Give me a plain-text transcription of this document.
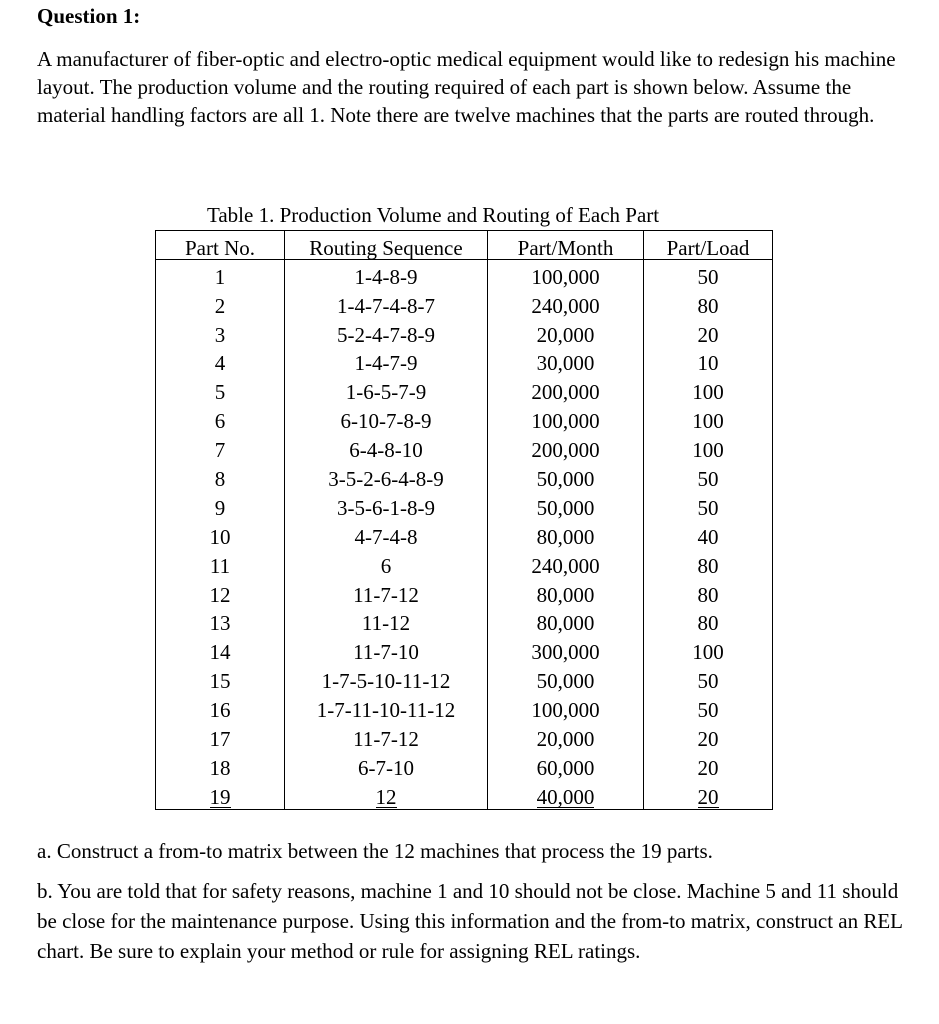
Question 1:

A manufacturer of fiber-optic and electro-optic medical equipment would like to redesign his machine layout. The production volume and the routing required of each part is shown below. Assume the material handling factors are all 1. Note there are twelve machines that the parts are routed through.

Table 1. Production Volume and Routing of Each Part
Part No.	Routing Sequence	Part/Month	Part/Load
1	1-4-8-9	100,000	50
2	1-4-7-4-8-7	240,000	80
3	5-2-4-7-8-9	20,000	20
4	1-4-7-9	30,000	10
5	1-6-5-7-9	200,000	100
6	6-10-7-8-9	100,000	100
7	6-4-8-10	200,000	100
8	3-5-2-6-4-8-9	50,000	50
9	3-5-6-1-8-9	50,000	50
10	4-7-4-8	80,000	40
11	6	240,000	80
12	11-7-12	80,000	80
13	11-12	80,000	80
14	11-7-10	300,000	100
15	1-7-5-10-11-12	50,000	50
16	1-7-11-10-11-12	100,000	50
17	11-7-12	20,000	20
18	6-7-10	60,000	20
19	12	40,000	20

a. Construct a from-to matrix between the 12 machines that process the 19 parts.

b. You are told that for safety reasons, machine 1 and 10 should not be close. Machine 5 and 11 should be close for the maintenance purpose. Using this information and the from-to matrix, construct an REL chart. Be sure to explain your method or rule for assigning REL ratings.
